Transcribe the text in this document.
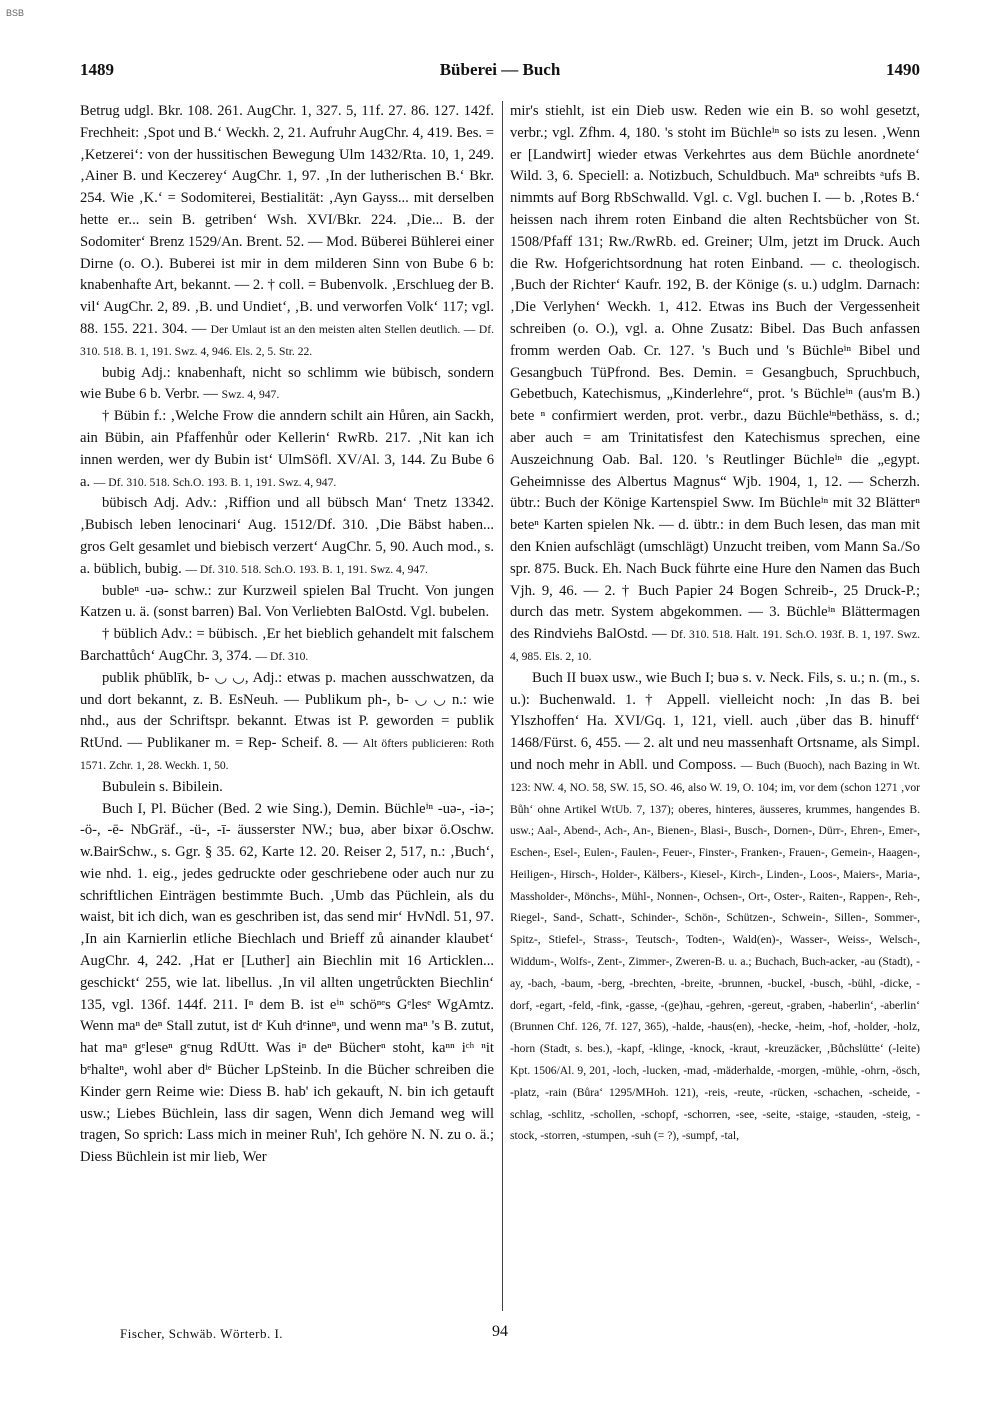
BSB
1489	Büberei — Buch	1490

Betrug udgl. Bkr. 108. 261. AugChr. 1, 327. 5, 11f. 27. 86. 127. 142f. Frechheit: ‚Spot und B.‘ Weckh. 2, 21. Aufruhr AugChr. 4, 419. Bes. = ‚Ketzerei‘: von der hussitischen Bewegung Ulm 1432/Rta. 10, 1, 249. ‚Ainer B. und Keczerey‘ AugChr. 1, 97. ‚In der lutherischen B.‘ Bkr. 254. Wie ‚K.‘ = Sodomiterei, Bestialität: ‚Ayn Gayss... mit derselben hette er... sein B. getriben‘ Wsh. XVI/Bkr. 224. ‚Die... B. der Sodomiter‘ Brenz 1529/An. Brent. 52. — Mod. Büberei Bühlerei einer Dirne (o. O.). Buberei ist mir in dem milderen Sinn von Bube 6 b: knabenhafte Art, bekannt. — 2. † coll. = Bubenvolk. ‚Erschlueg der B. vil‘ AugChr. 2, 89. ‚B. und Undiet‘, ‚B. und verworfen Volk‘ 117; vgl. 88. 155. 221. 304. — Der Umlaut ist an den meisten alten Stellen deutlich. — Df. 310. 518. B. 1, 191. Swz. 4, 946. Els. 2, 5. Str. 22.

bubig Adj.: knabenhaft, nicht so schlimm wie bübisch, sondern wie Bube 6 b. Verbr. — Swz. 4, 947.

† Bübin f.: ‚Welche Frow die anndern schilt ain Hůren, ain Sackh, ain Bübin, ain Pfaffenhůr oder Kellerin‘ RwRb. 217. ‚Nit kan ich innen werden, wer dy Bubin ist‘ UlmSöfl. XV/Al. 3, 144. Zu Bube 6 a. — Df. 310. 518. Sch.O. 193. B. 1, 191. Swz. 4, 947.

bübisch Adj. Adv.: ‚Riffion und all bübsch Man‘ Tnetz 13342. ‚Bubisch leben lenocinari‘ Aug. 1512/Df. 310. ‚Die Bäbst haben... gros Gelt gesamlet und biebisch verzert‘ AugChr. 5, 90. Auch mod., s. a. büblich, bubig. — Df. 310. 518. Sch.O. 193. B. 1, 191. Swz. 4, 947.

bubleⁿ -uə- schw.: zur Kurzweil spielen Bal Trucht. Von jungen Katzen u. ä. (sonst barren) Bal. Von Verliebten BalOstd. Vgl. bubelen.

† büblich Adv.: = bübisch. ‚Er het bieblich gehandelt mit falschem Barchattůch‘ AugChr. 3, 374. — Df. 310.

publik phūblīk, b- ◡ ◡, Adj.: etwas p. machen ausschwatzen, da und dort bekannt, z. B. EsNeuh. — Publikum ph-, b- ◡ ◡ n.: wie nhd., aus der Schriftspr. bekannt. Etwas ist P. geworden = publik RtUnd. — Publikaner m. = Rep- Scheif. 8. — Alt öfters publicieren: Roth 1571. Zchr. 1, 28. Weckh. 1, 50.

Bubulein s. Bibilein.

Buch I, Pl. Bücher (Bed. 2 wie Sing.), Demin. Büchleⁱⁿ -uə-, -iə-; -ö-, -ē- NbGräf., -ü-, -ī- äusserster NW.; buə, aber bixər ö.Oschw. w.BairSchw., s. Ggr. § 35. 62, Karte 12. 20. Reiser 2, 517, n.: ‚Buch‘, wie nhd. 1. eig., jedes gedruckte oder geschriebene oder auch nur zu schriftlichen Einträgen bestimmte Buch. ‚Umb das Püchlein, als du waist, bit ich dich, wan es geschriben ist, das send mir‘ HvNdl. 51, 97. ‚In ain Karnierlin etliche Biechlach und Brieff zů ainander klaubet‘ AugChr. 4, 242. ‚Hat er [Luther] ain Biechlin mit 16 Articklen... geschickt‘ 255, wie lat. libellus. ‚In vil allten ungetrůckten Biechlin‘ 135, vgl. 136f. 144f. 211. Iⁿ dem B. ist eⁱⁿ schöⁿᵉs Gᵉlesᵉ WgAmtz. Wenn maⁿ deⁿ Stall zutut, ist dᵉ Kuh dᵉinneⁿ, und wenn maⁿ 's B. zutut, hat maⁿ gᵉleseⁿ gᵉnug RdUtt. Was iⁿ deⁿ Bücherⁿ stoht, kaⁿⁿ iᶜʰ ⁿit bᵉhalteⁿ, wohl aber dⁱᵉ Bücher LpSteinb. In die Bücher schreiben die Kinder gern Reime wie: Diess B. hab' ich gekauft, N. bin ich getauft usw.; Liebes Büchlein, lass dir sagen, Wenn dich Jemand weg will tragen, So sprich: Lass mich in meiner Ruh', Ich gehöre N. N. zu o. ä.; Diess Büchlein ist mir lieb, Wer

mir's stiehlt, ist ein Dieb usw. Reden wie ein B. so wohl gesetzt, verbr.; vgl. Zfhm. 4, 180. 's stoht im Büchleⁱⁿ so ists zu lesen. ‚Wenn er [Landwirt] wieder etwas Verkehrtes aus dem Büchle anordnete‘ Wild. 3, 6. Speciell: a. Notizbuch, Schuldbuch. Maⁿ schreibts ᵃufs B. nimmts auf Borg RbSchwalld. Vgl. c. Vgl. buchen I. — b. ‚Rotes B.‘ heissen nach ihrem roten Einband die alten Rechtsbücher von St. 1508/Pfaff 131; Rw./RwRb. ed. Greiner; Ulm, jetzt im Druck. Auch die Rw. Hofgerichtsordnung hat roten Einband. — c. theologisch. ‚Buch der Richter‘ Kaufr. 192, B. der Könige (s. u.) udglm. Darnach: ‚Die Verlyhen‘ Weckh. 1, 412. Etwas ins Buch der Vergessenheit schreiben (o. O.), vgl. a. Ohne Zusatz: Bibel. Das Buch anfassen fromm werden Oab. Cr. 127. 's Buch und 's Büchleⁱⁿ Bibel und Gesangbuch TüPfrond. Bes. Demin. = Gesangbuch, Spruchbuch, Gebetbuch, Katechismus, „Kinderlehre“, prot. 's Büchleⁱⁿ (aus'm B.) bete ⁿ confirmiert werden, prot. verbr., dazu Büchleⁱⁿbethäss, s. d.; aber auch = am Trinitatisfest den Katechismus sprechen, eine Auszeichnung Oab. Bal. 120. 's Reutlinger Büchleⁱⁿ die „egypt. Geheimnisse des Albertus Magnus“ Wjb. 1904, 1, 12. — Scherzh. übtr.: Buch der Könige Kartenspiel Sww. Im Büchleⁱⁿ mit 32 Blätterⁿ beteⁿ Karten spielen Nk. — d. übtr.: in dem Buch lesen, das man mit den Knien aufschlägt (umschlägt) Unzucht treiben, vom Mann Sa./So spr. 875. Buck. Eh. Nach Buck führte eine Hure den Namen das Buch Vjh. 9, 46. — 2. † Buch Papier 24 Bogen Schreib-, 25 Druck-P.; durch das metr. System abgekommen. — 3. Büchleⁱⁿ Blättermagen des Rindviehs BalOstd. — Df. 310. 518. Halt. 191. Sch.O. 193f. B. 1, 197. Swz. 4, 985. Els. 2, 10.

Buch II buəx usw., wie Buch I; buə s. v. Neck. Fils, s. u.; n. (m., s. u.): Buchenwald. 1. † Appell. vielleicht noch: ‚In das B. bei Ylszhoffen‘ Ha. XVI/Gq. 1, 121, viell. auch ‚über das B. hinuff‘ 1468/Fürst. 6, 455. — 2. alt und neu massenhaft Ortsname, als Simpl. und noch mehr in Abll. und Composs. — Buch (Buoch), nach Bazing in Wt. 123: NW. 4, NO. 58, SW. 15, SO. 46, also W. 19, O. 104; im, vor dem (schon 1271 ‚vor Bůh‘ ohne Artikel WtUb. 7, 137); oberes, hinteres, äusseres, krummes, hangendes B. usw.; Aal-, Abend-, Ach-, An-, Bienen-, Blasi-, Busch-, Dornen-, Dürr-, Ehren-, Emer-, Eschen-, Esel-, Eulen-, Faulen-, Feuer-, Finster-, Franken-, Frauen-, Gemein-, Haagen-, Heiligen-, Hirsch-, Holder-, Kälbers-, Kiesel-, Kirch-, Linden-, Loos-, Maiers-, Maria-, Massholder-, Mönchs-, Mühl-, Nonnen-, Ochsen-, Ort-, Oster-, Raiten-, Rappen-, Reh-, Riegel-, Sand-, Schatt-, Schinder-, Schön-, Schützen-, Schwein-, Sillen-, Sommer-, Spitz-, Stiefel-, Strass-, Teutsch-, Todten-, Wald(en)-, Wasser-, Weiss-, Welsch-, Widdum-, Wolfs-, Zent-, Zimmer-, Zweren-B. u. a.; Buchach, Buch-acker, -au (Stadt), -ay, -bach, -baum, -berg, -brechten, -breite, -brunnen, -buckel, -busch, -bühl, -dicke, -dorf, -egart, -feld, -fink, -gasse, -(ge)hau, -gehren, -gereut, -graben, -haberlin‘, -aberlin‘ (Brunnen Chf. 126, 7f. 127, 365), -halde, -haus(en), -hecke, -heim, -hof, -holder, -holz, -horn (Stadt, s. bes.), -kapf, -klinge, -knock, -kraut, -kreuzäcker, ‚Bůchslütte‘ (-leite) Kpt. 1506/Al. 9, 201, -loch, -lucken, -mad, -mäderhalde, -morgen, -mühle, -ohrn, -ösch, -platz, -rain (Bůra‘ 1295/MHoh. 121), -reis, -reute, -rücken, -schachen, -scheide, -schlag, -schlitz, -schollen, -schopf, -schorren, -see, -seite, -staige, -stauden, -steig, -stock, -storren, -stumpen, -suh (= ?), -sumpf, -tal,

Fischer, Schwäb. Wörterb. I.	94
